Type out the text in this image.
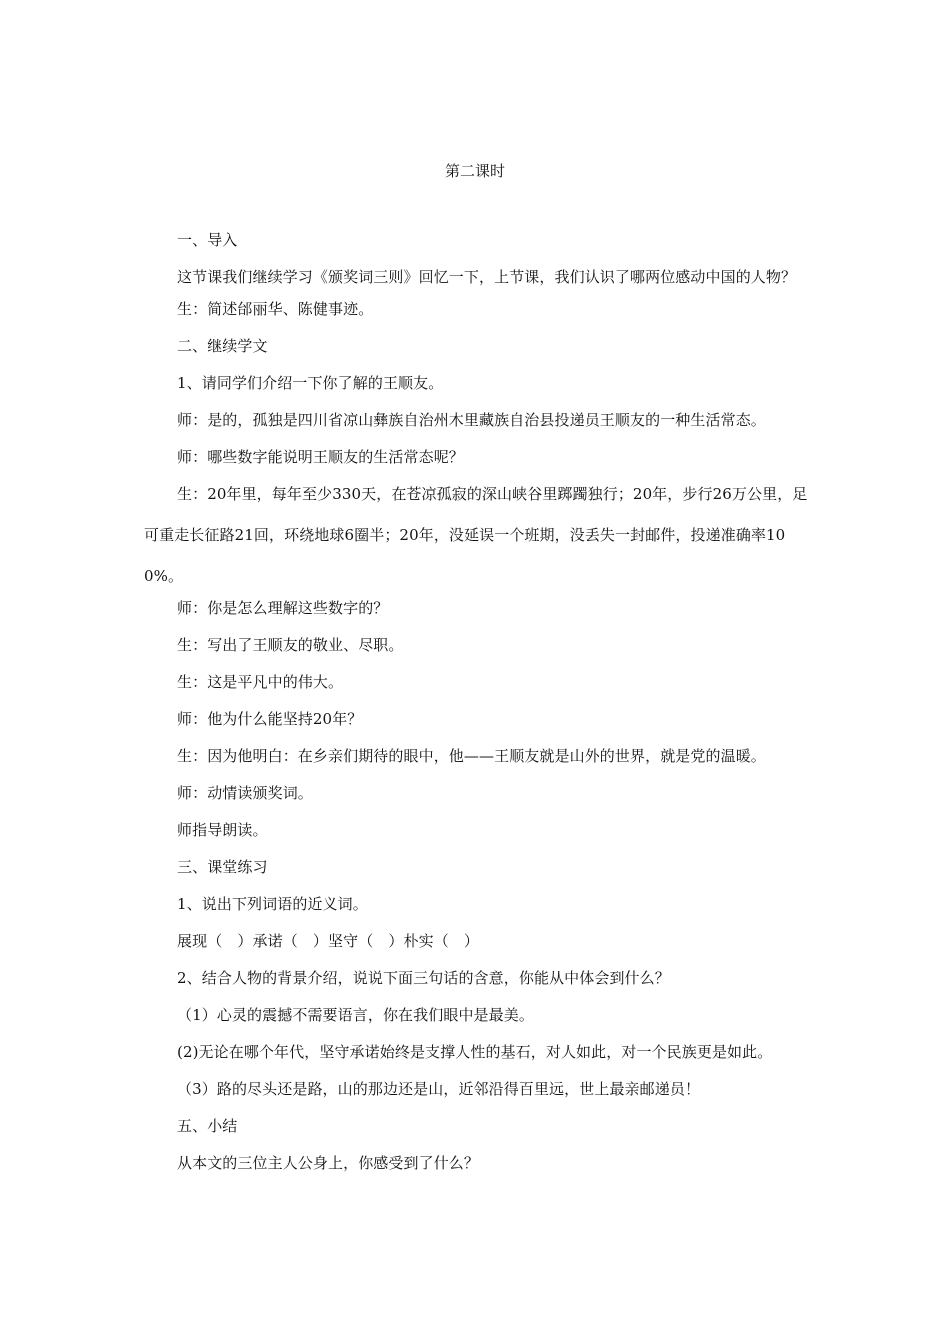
第二课时

一、导入

这节课我们继续学习《颁奖词三则》回忆一下，上节课，我们认识了哪两位感动中国的人物？

生：简述邰丽华、陈健事迹。

二、继续学文

1、请同学们介绍一下你了解的王顺友。

师：是的，孤独是四川省凉山彝族自治州木里藏族自治县投递员王顺友的一种生活常态。

师：哪些数字能说明王顺友的生活常态呢？

生：20年里，每年至少330天，在苍凉孤寂的深山峡谷里踯躅独行；20年，步行26万公里，足可重走长征路21回，环绕地球6圈半；20年，没延误一个班期，没丢失一封邮件，投递准确率100%。

师：你是怎么理解这些数字的？

生：写出了王顺友的敬业、尽职。

生：这是平凡中的伟大。

师：他为什么能坚持20年？

生：因为他明白：在乡亲们期待的眼中，他——王顺友就是山外的世界，就是党的温暖。

师：动情读颁奖词。

师指导朗读。

三、课堂练习

1、说出下列词语的近义词。

展现（　）承诺（　）坚守（　）朴实（　）

2、结合人物的背景介绍，说说下面三句话的含意，你能从中体会到什么？

（1）心灵的震撼不需要语言，你在我们眼中是最美。

(2)无论在哪个年代，坚守承诺始终是支撑人性的基石，对人如此，对一个民族更是如此。

（3）路的尽头还是路，山的那边还是山，近邻沿得百里远，世上最亲邮递员！

五、小结

从本文的三位主人公身上，你感受到了什么？
